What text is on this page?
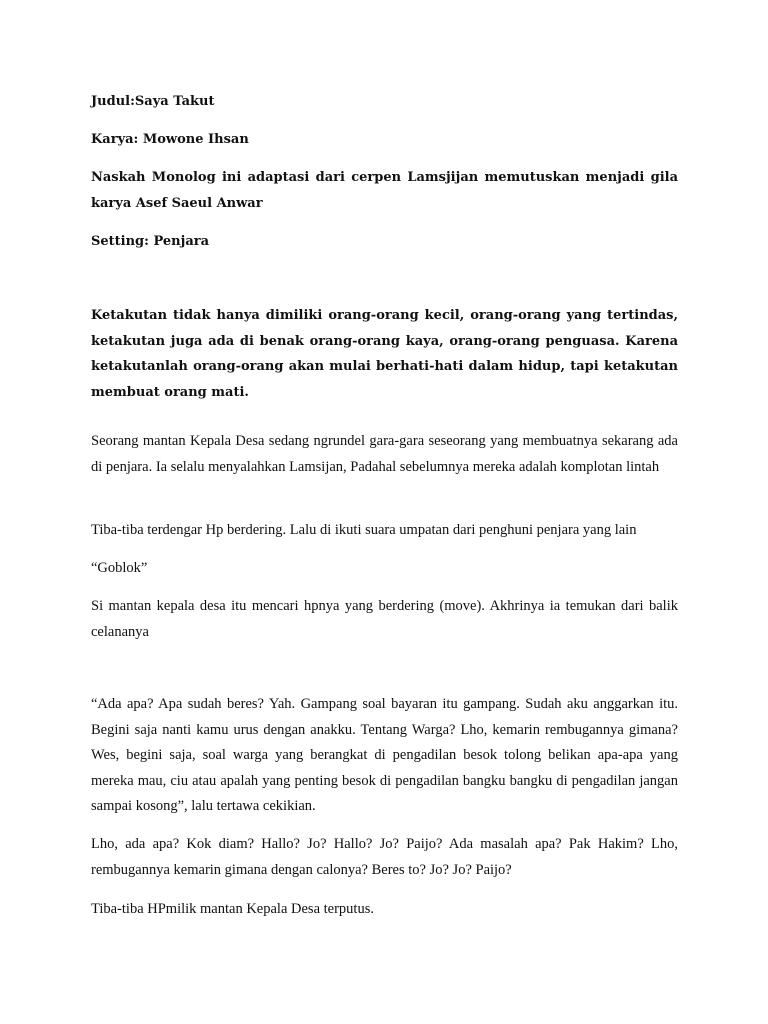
Judul:Saya Takut

Karya: Mowone Ihsan

Naskah Monolog ini adaptasi dari cerpen Lamsjijan memutuskan menjadi gila karya Asef Saeul Anwar

Setting: Penjara

Ketakutan tidak hanya dimiliki orang-orang kecil, orang-orang yang tertindas, ketakutan juga ada di benak orang-orang kaya, orang-orang penguasa. Karena ketakutanlah orang-orang akan mulai berhati-hati dalam hidup, tapi ketakutan membuat orang mati.

Seorang mantan Kepala Desa sedang ngrundel gara-gara seseorang yang membuatnya sekarang ada di penjara. Ia selalu menyalahkan Lamsijan, Padahal sebelumnya mereka adalah komplotan lintah

Tiba-tiba terdengar Hp berdering. Lalu di ikuti suara umpatan dari penghuni penjara yang lain

“Goblok”

Si mantan kepala desa itu mencari hpnya yang berdering (move). Akhrinya ia temukan dari balik celananya

“Ada apa? Apa sudah beres? Yah. Gampang soal bayaran itu gampang. Sudah aku anggarkan itu. Begini saja nanti kamu urus dengan anakku. Tentang Warga? Lho, kemarin rembugannya gimana? Wes, begini saja, soal warga yang berangkat di pengadilan besok tolong belikan apa-apa yang mereka mau, ciu atau apalah yang penting besok di pengadilan bangku bangku di pengadilan jangan sampai kosong”, lalu tertawa cekikian.

Lho, ada apa? Kok diam? Hallo? Jo? Hallo? Jo? Paijo? Ada masalah apa? Pak Hakim? Lho, rembugannya kemarin gimana dengan calonya? Beres to? Jo? Jo? Paijo?

Tiba-tiba HPmilik mantan Kepala Desa terputus.
